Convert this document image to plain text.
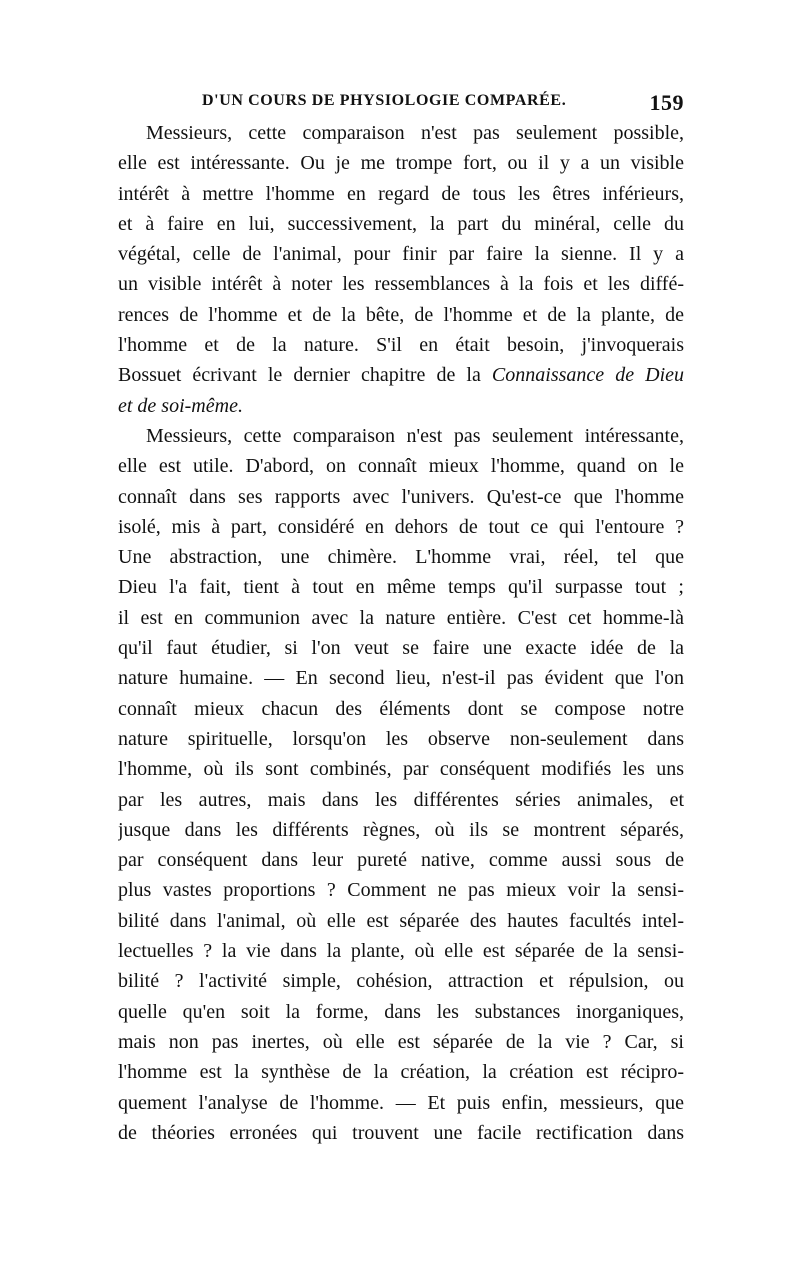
D'UN COURS DE PHYSIOLOGIE COMPARÉE.	159
Messieurs, cette comparaison n'est pas seulement possible,
elle est intéressante. Ou je me trompe fort, ou il y a un visible
intérêt à mettre l'homme en regard de tous les êtres inférieurs,
et à faire en lui, successivement, la part du minéral, celle du
végétal, celle de l'animal, pour finir par faire la sienne. Il y a
un visible intérêt à noter les ressemblances à la fois et les diffé-
rences de l'homme et de la bête, de l'homme et de la plante, de
l'homme et de la nature. S'il en était besoin, j'invoquerais
Bossuet écrivant le dernier chapitre de la Connaissance de Dieu
et de soi-même.
Messieurs, cette comparaison n'est pas seulement intéressante,
elle est utile. D'abord, on connaît mieux l'homme, quand on le
connaît dans ses rapports avec l'univers. Qu'est-ce que l'homme
isolé, mis à part, considéré en dehors de tout ce qui l'entoure ?
Une abstraction, une chimère. L'homme vrai, réel, tel que
Dieu l'a fait, tient à tout en même temps qu'il surpasse tout ;
il est en communion avec la nature entière. C'est cet homme-là
qu'il faut étudier, si l'on veut se faire une exacte idée de la
nature humaine. — En second lieu, n'est-il pas évident que l'on
connaît mieux chacun des éléments dont se compose notre
nature spirituelle, lorsqu'on les observe non-seulement dans
l'homme, où ils sont combinés, par conséquent modifiés les uns
par les autres, mais dans les différentes séries animales, et
jusque dans les différents règnes, où ils se montrent séparés,
par conséquent dans leur pureté native, comme aussi sous de
plus vastes proportions ? Comment ne pas mieux voir la sensi-
bilité dans l'animal, où elle est séparée des hautes facultés intel-
lectuelles ? la vie dans la plante, où elle est séparée de la sensi-
bilité ? l'activité simple, cohésion, attraction et répulsion, ou
quelle qu'en soit la forme, dans les substances inorganiques,
mais non pas inertes, où elle est séparée de la vie ? Car, si
l'homme est la synthèse de la création, la création est récipro-
quement l'analyse de l'homme. — Et puis enfin, messieurs, que
de théories erronées qui trouvent une facile rectification dans
